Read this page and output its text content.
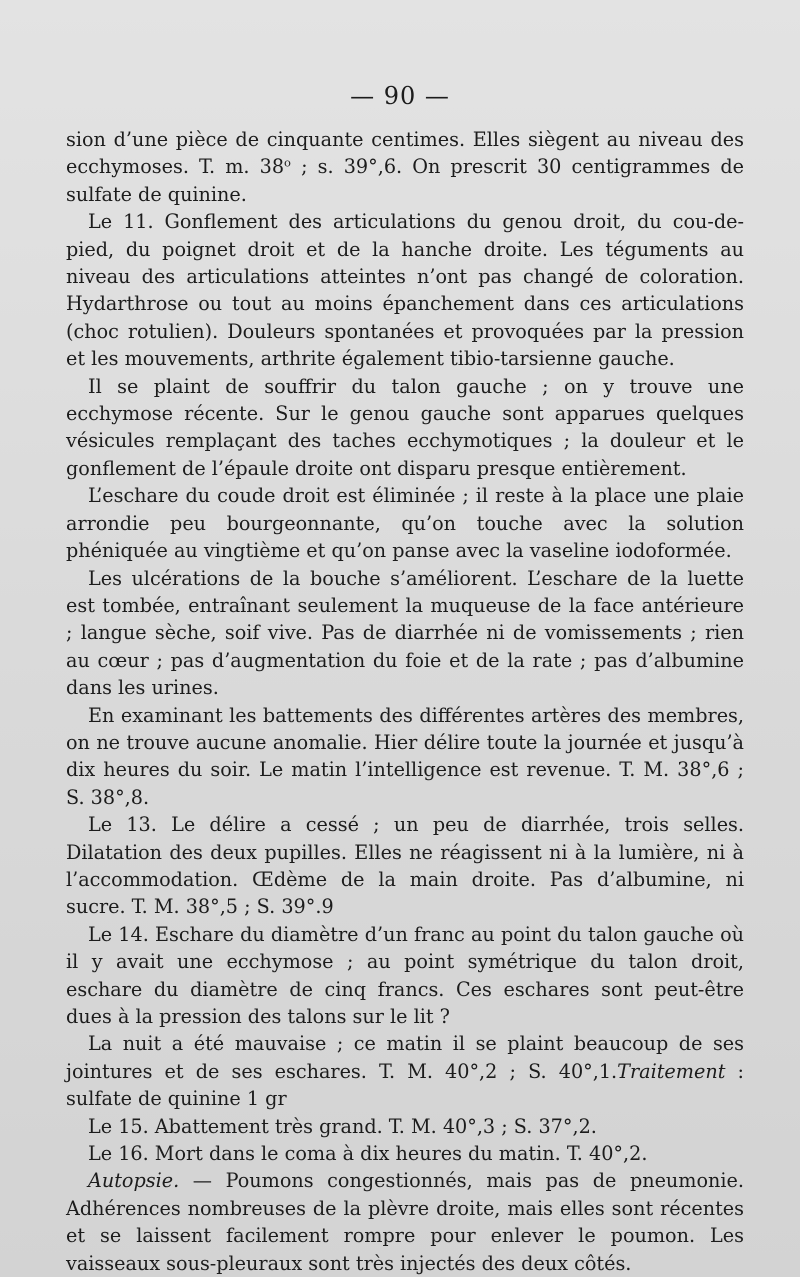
— 90 —

sion d’une pièce de cinquante centimes. Elles siègent au niveau des ecchymoses. T. m. 38$^o$ ; s. 39°,6. On prescrit 30 centigrammes de sulfate de quinine.

Le 11. Gonflement des articulations du genou droit, du cou-de-pied, du poignet droit et de la hanche droite. Les téguments au niveau des articulations atteintes n’ont pas changé de coloration. Hydarthrose ou tout au moins épanchement dans ces articulations (choc rotulien). Douleurs spontanées et provoquées par la pression et les mouvements, arthrite également tibio-tarsienne gauche.

Il se plaint de souffrir du talon gauche ; on y trouve une ecchymose récente. Sur le genou gauche sont apparues quelques vésicules remplaçant des taches ecchymotiques ; la douleur et le gonflement de l’épaule droite ont disparu presque entièrement.

L’eschare du coude droit est éliminée ; il reste à la place une plaie arrondie peu bourgeonnante, qu’on touche avec la solution phéniquée au vingtième et qu’on panse avec la vaseline iodoformée.

Les ulcérations de la bouche s’améliorent. L’eschare de la luette est tombée, entraînant seulement la muqueuse de la face antérieure ; langue sèche, soif vive. Pas de diarrhée ni de vomissements ; rien au cœur ; pas d’augmentation du foie et de la rate ; pas d’albumine dans les urines.

En examinant les battements des différentes artères des membres, on ne trouve aucune anomalie. Hier délire toute la journée et jusqu’à dix heures du soir. Le matin l’intelligence est revenue. T. M. 38°,6 ; S. 38°,8.

Le 13. Le délire a cessé ; un peu de diarrhée, trois selles. Dilatation des deux pupilles. Elles ne réagissent ni à la lumière, ni à l’accommodation. Œdème de la main droite. Pas d’albumine, ni sucre. T. M. 38°,5 ; S. 39°.9

Le 14. Eschare du diamètre d’un franc au point du talon gauche où il y avait une ecchymose ; au point symétrique du talon droit, eschare du diamètre de cinq francs. Ces eschares sont peut-être dues à la pression des talons sur le lit ?

La nuit a été mauvaise ; ce matin il se plaint beaucoup de ses jointures et de ses eschares. T. M. 40°,2 ; S. 40°,1.Traitement : sulfate de quinine 1 gr

Le 15. Abattement très grand. T. M. 40°,3 ; S. 37°,2.

Le 16. Mort dans le coma à dix heures du matin. T. 40°,2.

Autopsie. — Poumons congestionnés, mais pas de pneumonie. Adhérences nombreuses de la plèvre droite, mais elles sont récentes et se laissent facilement rompre pour enlever le poumon. Les vaisseaux sous-pleuraux sont très injectés des deux côtés.
